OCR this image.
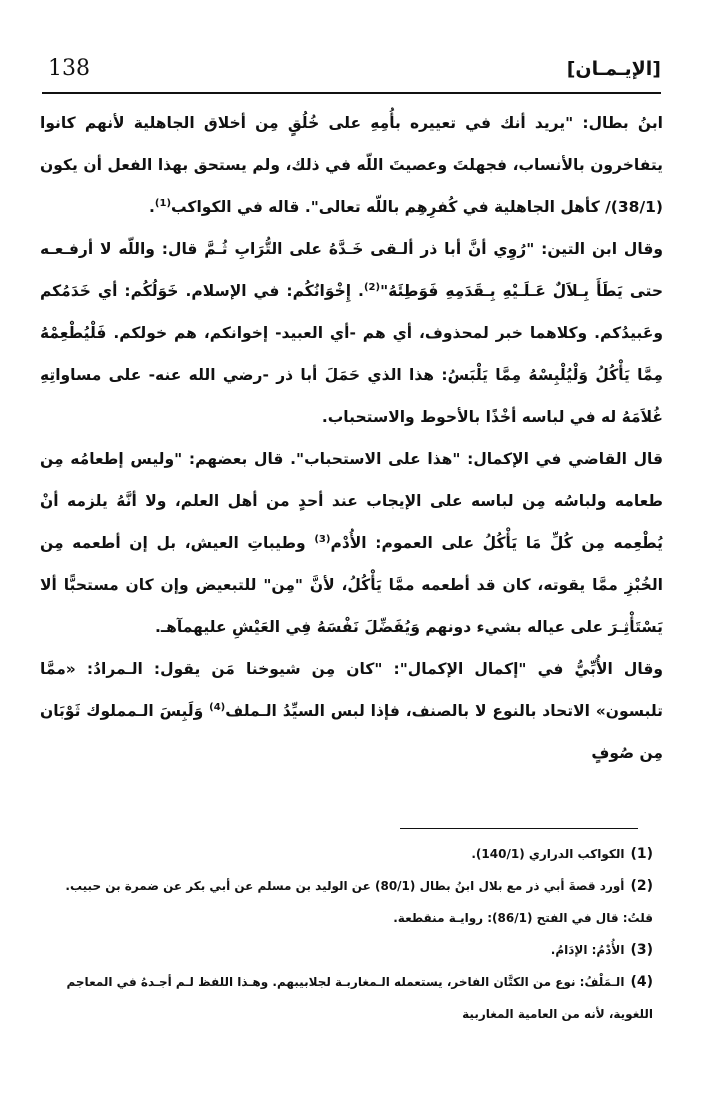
138	[الإيـمـان]

ابنُ بطال: "يريد أنك في تعييره بأُمِهِ على خُلُقٍ مِن أخلاق الجاهلية لأنهم كانوا يتفاخرون بالأنساب، فجهلتَ وعصيتَ اللّه في ذلك، ولم يستحق بهذا الفعل أن يكون (38/1)/ كأهل الجاهلية في كُفرِهِم باللّه تعالى". قاله في الكواكب$^{(1)}$.

وقال ابن التين: "رُوِي أنَّ أبا ذر ألـقى خَـدَّهُ على التُّرَابِ ثُـمَّ قال: واللّه لا أرفـعـه حتى يَطَأَ بِـلاَلٌ عَـلَـيْهِ بِـقَدَمِهِ فَوَطِئَهُ"$^{(2)}$. إِخْوَانُكُم: في الإسلام. خَوَلُكُم: أي خَدَمُكم وعَبيدُكم. وكلاهما خبر لمحذوف، أي هم -أي العبيد- إخوانكم، هم خولكم. فَلْيُطْعِمْهُ مِمَّا يَأْكُلُ وَلْيُلْبِسْهُ مِمَّا يَلْبَسُ: هذا الذي حَمَلَ أبا ذر -رضي الله عنه- على مساواتِهِ غُلاَمَهُ له في لباسه أخْذًا بالأحوط والاستحباب.

قال القاضي في الإكمال: "هذا على الاستحباب". قال بعضهم: "وليس إطعامُه مِن طعامه ولباسُه مِن لباسه على الإيجاب عند أحدٍ من أهل العلم، ولا أنَّهُ يلزمه أنْ يُطْعِمه مِن كُلِّ مَا يَأْكُلُ على العموم: الأُدْم$^{(3)}$ وطيباتِ العيش، بل إن أطعمه مِن الخُبْزِ ممَّا يقوته، كان قد أطعمه ممَّا يَأْكُلُ، لأنَّ "مِن" للتبعيض وإن كان مستحبًّا ألا يَسْتَأْثِـرَ على عياله بشيء دونهم وَيُفَضِّلَ نَفْسَهُ فِي العَيْشِ عليهمآهـ.

وقال الأُبِّيُّ في "إكمال الإكمال": "كان مِن شيوخنا مَن يقول: الـمرادُ: «ممَّا تلبسون» الاتحاد بالنوع لا بالصنف، فإذا لبس السيِّدُ الـملف$^{(4)}$ وَلَبِسَ الـمملوك ثَوْبَان مِن صُوفٍ

(1)الكواكب الدراري (140/1).

(2)أورد قصةَ أبي ذر مع بلال ابنُ بطال (80/1) عن الوليد بن مسلم عن أبي بكر عن ضمرة بن حبيب. قلتُ: قال في الفتح (86/1): روايـة منقطعة.

(3)الأُدْمُ: الإدَامُ.

(4)الـمَلْفُ: نوع من الكتَّان الفاخر، يستعمله الـمغاربـة لجلابيبهم. وهـذا اللفظ لـم أجـدهُ في المعاجم اللغوية، لأنه من العامية المغاربية
